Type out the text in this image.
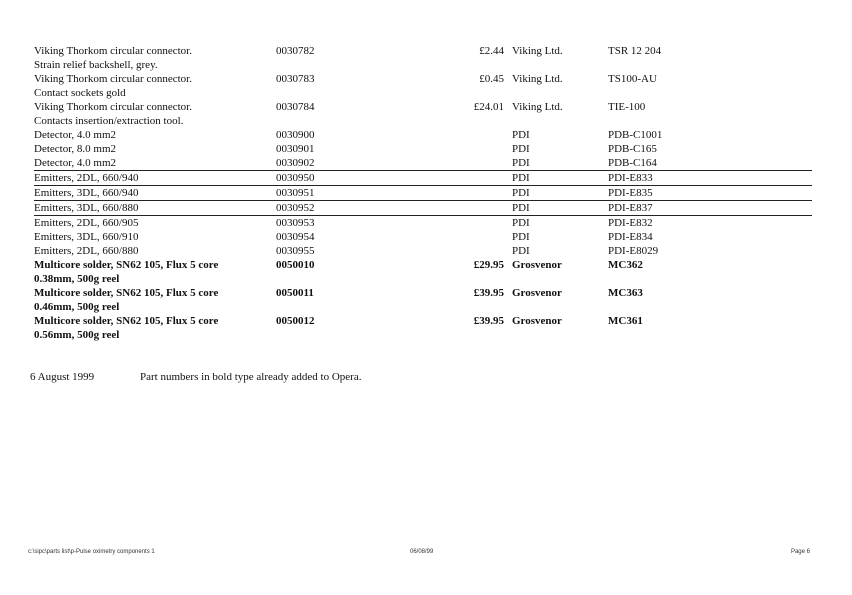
Viking Thorkom circular connector.
Strain relief backshell, grey.	0030782		£2.44	Viking Ltd.	TSR 12 204	

Viking Thorkom circular connector.
Contact sockets gold	0030783		£0.45	Viking Ltd.	TS100-AU	

Viking Thorkom circular connector.
Contacts insertion/extraction tool.	0030784		£24.01	Viking Ltd.	TIE-100	

Detector, 4.0 mm2	0030900			PDI	PDB-C1001	

Detector, 8.0 mm2	0030901			PDI	PDB-C165	

Detector, 4.0 mm2	0030902			PDI	PDB-C164	

Emitters, 2DL, 660/940	0030950			PDI	PDI-E833	

Emitters, 3DL, 660/940	0030951			PDI	PDI-E835	

Emitters, 3DL, 660/880	0030952			PDI	PDI-E837	

Emitters, 2DL, 660/905	0030953			PDI	PDI-E832	

Emitters, 3DL, 660/910	0030954			PDI	PDI-E834	

Emitters, 2DL, 660/880	0030955			PDI	PDI-E8029	

Multicore solder, SN62 105, Flux 5 core
0.38mm, 500g reel	0050010		£29.95	Grosvenor	MC362	

Multicore solder, SN62 105, Flux 5 core
0.46mm, 500g reel	0050011		£39.95	Grosvenor	MC363	

Multicore solder, SN62 105, Flux 5 core
0.56mm, 500g reel	0050012		£39.95	Grosvenor	MC361	

6 August 1999	Part numbers in bold type already added to Opera.
c:\sipc\parts list\p-Pulse oximetry components 1	06/08/99	Page 6
